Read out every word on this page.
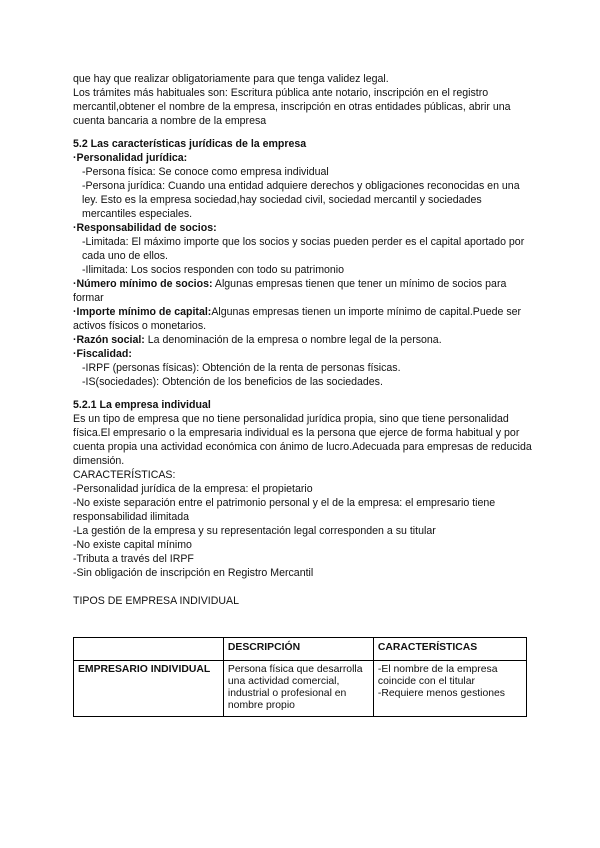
que hay que realizar obligatoriamente para que tenga validez legal.

Los trámites más habituales son: Escritura pública ante notario, inscripción en el registro mercantil,obtener el nombre de la empresa, inscripción en otras entidades públicas, abrir una cuenta bancaria a nombre de la empresa

5.2 Las características jurídicas de la empresa

·Personalidad jurídica:

-Persona física: Se conoce como empresa individual

-Persona jurídica: Cuando una entidad adquiere derechos y obligaciones reconocidas en una ley. Esto es la empresa sociedad,hay sociedad civil, sociedad mercantil y sociedades mercantiles especiales.

·Responsabilidad de socios:

-Limitada: El máximo importe que los socios y socias pueden perder es el capital aportado por cada uno de ellos.

-Ilimitada: Los socios responden con todo su patrimonio

·Número mínimo de socios: Algunas empresas tienen que tener un mínimo de socios para formar

·Importe mínimo de capital:Algunas empresas tienen un importe mínimo de capital.Puede ser activos físicos o monetarios.

·Razón social: La denominación de la empresa o nombre legal de la persona.

·Fiscalidad:

-IRPF (personas físicas): Obtención de la renta de personas físicas.

-IS(sociedades): Obtención de los beneficios de las sociedades.

5.2.1 La empresa individual

Es un tipo de empresa que no tiene personalidad jurídica propia, sino que tiene personalidad física.El empresario o la empresaria individual es la persona que ejerce de forma habitual y por cuenta propia una actividad económica con ánimo de lucro.Adecuada para empresas de reducida dimensión.

CARACTERÍSTICAS:

-Personalidad jurídica de la empresa: el propietario

-No existe separación entre el patrimonio personal y el de la empresa: el empresario tiene responsabilidad ilimitada

-La gestión de la empresa y su representación legal corresponden a su titular

-No existe capital mínimo

-Tributa a través del IRPF

-Sin obligación de inscripción en Registro Mercantil

TIPOS DE EMPRESA INDIVIDUAL

	DESCRIPCIÓN	CARACTERÍSTICAS
EMPRESARIO INDIVIDUAL	Persona física que desarrolla una actividad comercial, industrial o profesional en nombre propio	-El nombre de la empresa coincide con el titular
-Requiere menos gestiones
